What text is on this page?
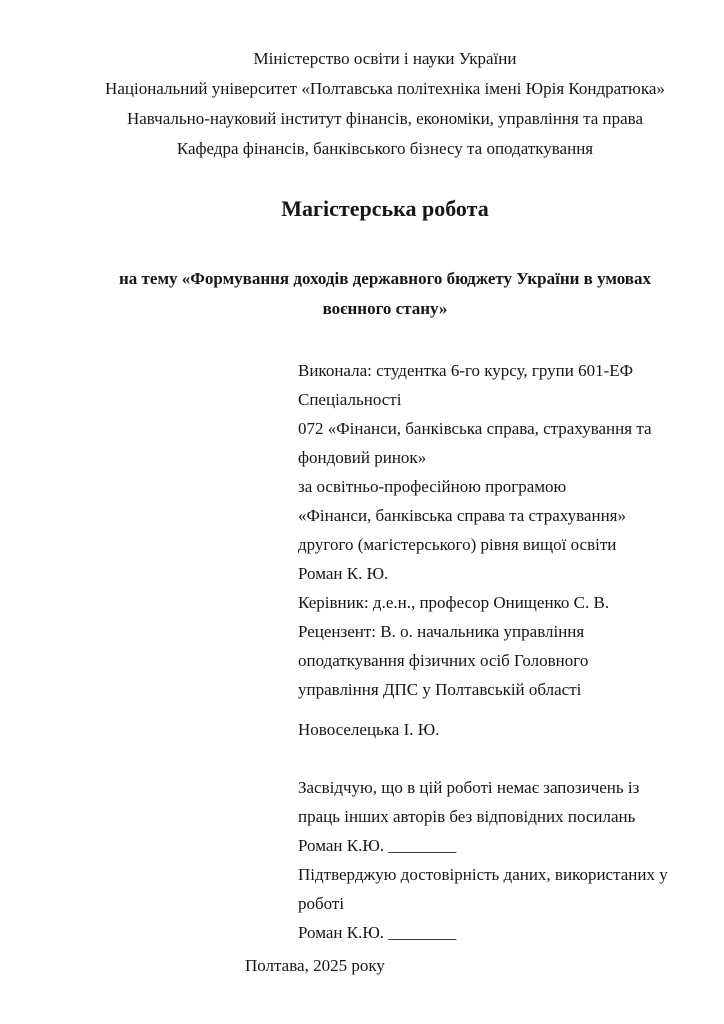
Міністерство освіти і науки України
Національний університет «Полтавська політехніка імені Юрія Кондратюка»
Навчально-науковий інститут фінансів, економіки, управління та права
Кафедра фінансів, банківського бізнесу та оподаткування
Магістерська робота
на тему «Формування доходів державного бюджету України в умовах
воєнного стану»
Виконала: студентка 6-го курсу, групи 601-ЕФ
Спеціальності
072 «Фінанси, банківська справа, страхування та
фондовий ринок»
за освітньо-професійною програмою
«Фінанси, банківська справа та страхування»
другого (магістерського) рівня вищої освіти
Роман К. Ю.
Керівник: д.е.н., професор Онищенко С. В.
Рецензент: В. о. начальника управління
оподаткування фізичних осіб Головного
управління ДПС у Полтавській області
Новоселецька І. Ю.
Засвідчую, що в цій роботі немає запозичень із
праць інших авторів без відповідних посилань
Роман К.Ю. ________
Підтверджую достовірність даних, використаних у
роботі
Роман К.Ю. ________
Полтава, 2025 року
